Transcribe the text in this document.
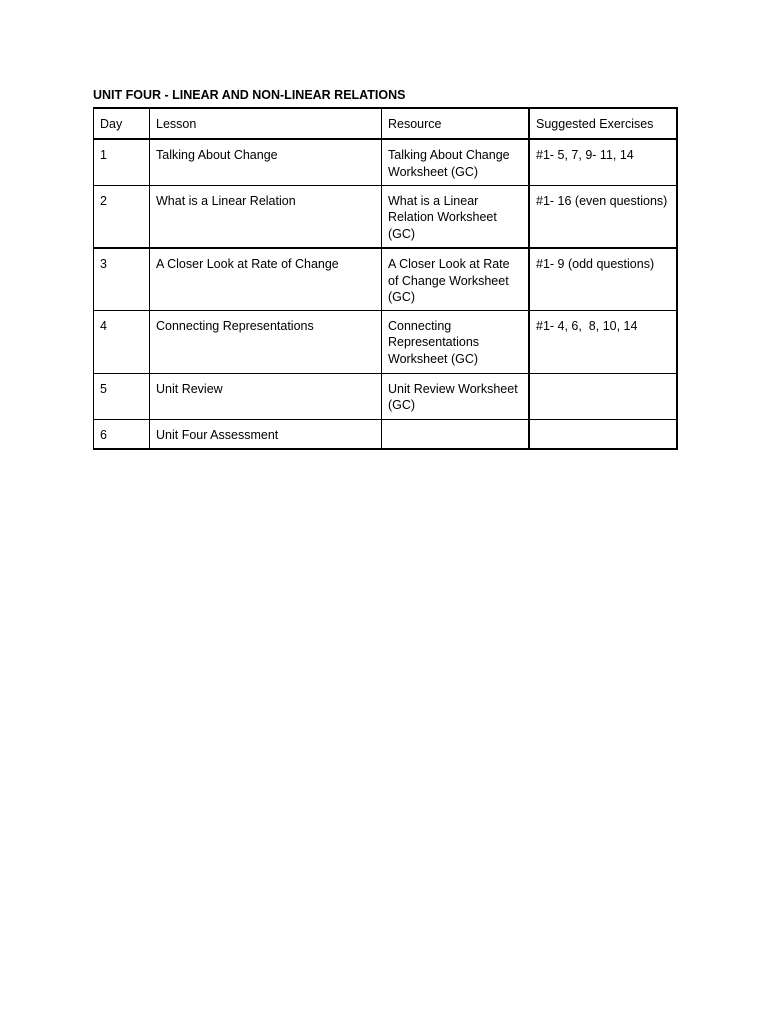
UNIT FOUR - LINEAR AND NON-LINEAR RELATIONS
Day	Lesson	Resource	Suggested Exercises
1	Talking About Change	Talking About Change Worksheet (GC)	#1- 5, 7, 9- 11, 14
2	What is a Linear Relation	What is a Linear Relation Worksheet (GC)	#1- 16 (even questions)
3	A Closer Look at Rate of Change	A Closer Look at Rate of Change Worksheet (GC)	#1- 9 (odd questions)
4	Connecting Representations	Connecting Representations Worksheet (GC)	#1- 4, 6,  8, 10, 14
5	Unit Review	Unit Review Worksheet (GC)	
6	Unit Four Assessment		
